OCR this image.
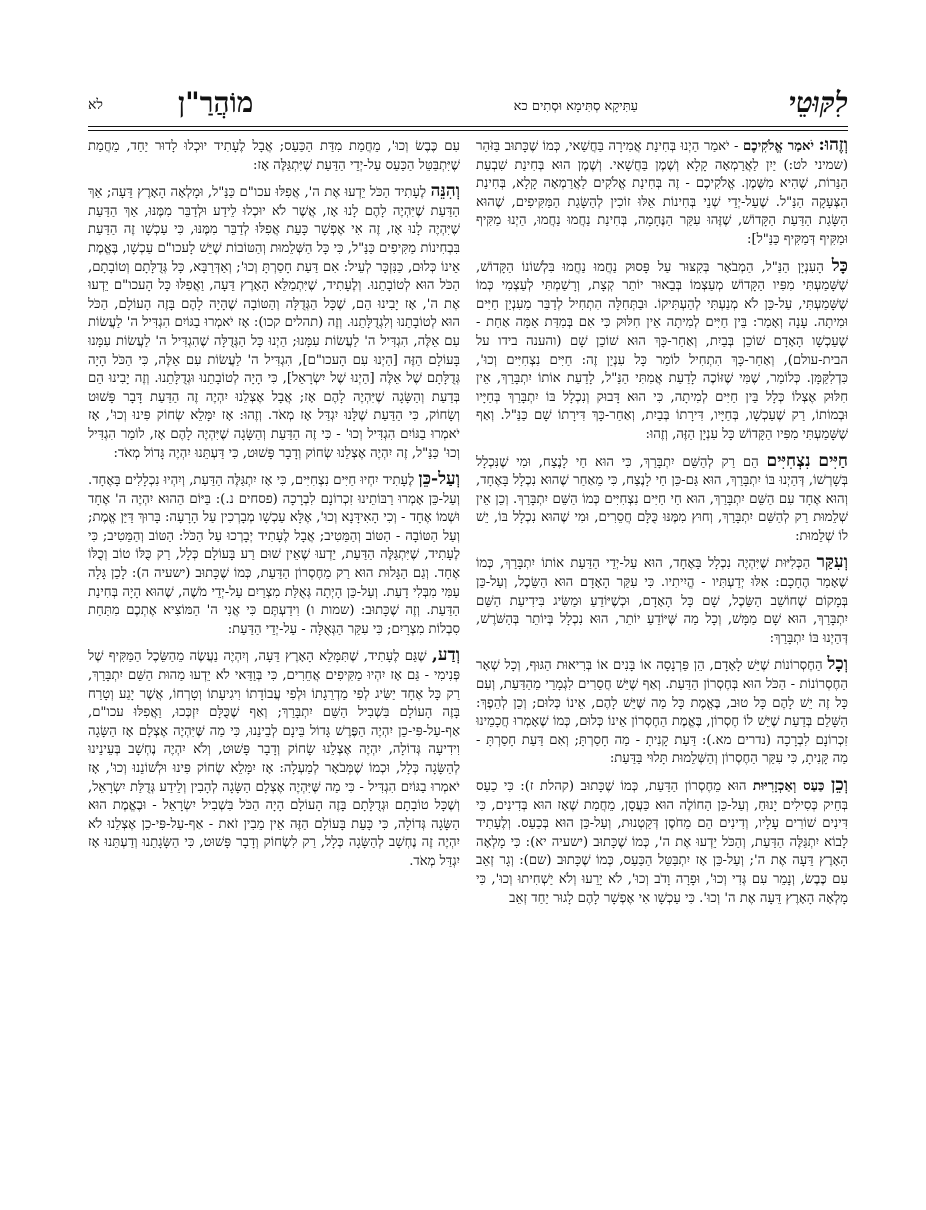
לִקּוּטֵי
עַתִּיקָא סְתִּימָא וּסְתִים כא
מוֹהֲרַ"ן
לא

וְזֶהוּ: יֹאמַר אֱלֹקִיכֶם - יֹאמַר הַיְנוּ בְּחִינַת אֲמִירָה בַּחֲשַׁאי, כְּמוֹ שֶׁכָּתוּב בַּזֹּהַר (שמיני לט:) יַיִן לַאֲרַמְאָה קָלָא וְשֶׁמֶן בַּחֲשָׁאי. וְשֶׁמֶן הוּא בְּחִינַת שִׁבְעַת הַנֵּרוֹת, שֶׁהִיא מִשֶּׁמֶן. אֱלֹקִיכֶם - זֶה בְּחִינַת אֱלֹקִים לַאֲרַמְאָה קָלָא, בְּחִינַת הַצְּעָקָה הַנַּ"ל. שֶׁעַל-יְדֵי שְׁנֵי בְּחִינוֹת אֵלּוּ זוֹכִין לְהַשָּׂגַת הַמַּקִּיפִים, שֶׁהוּא הַשָּׂגַת הַדַּעַת הַקָּדוֹשׁ, שֶׁזֶּהוּ עִקַּר הַנֶּחָמָה, בְּחִינַת נַחֲמוּ נַחֲמוּ, הַיְנוּ מַקִּיף וּמַקִּיף דְּמַקִּיף כַּנַּ"ל]:

כָּל הָעִנְיָן הַנַּ"ל, הַמְבֹאָר בְּקִצּוּר עַל פָּסוּק נַחֲמוּ נַחֲמוּ בִּלְשׁוֹנוֹ הַקָּדוֹשׁ, שֶׁשָּׁמַעְתִּי מִפִּיו הַקָּדוֹשׁ מְעַצְמוֹ בְּבֵאוּר יוֹתֵר קְצָת, וְרָשַׁמְתִּי לְעַצְמִי כְּמוֹ שֶׁשָּׁמַעְתִּי, עַל-כֵּן לֹא מְנַעְתִּי לְהַעְתִּיקוֹ. וּבַתְּחִלָּה הִתְחִיל לְדַבֵּר מֵעִנְיַן חַיִּים וּמִיתָה. עָנָה וְאָמַר: בֵּין חַיִּים לְמִיתָה אֵין חִלּוּק כִּי אִם בְּמִדַּת אַמָּה אַחַת - שֶׁעַכְשָׁו הָאָדָם שׁוֹכֵן בְּבַיִת, וְאַחַר-כָּךְ הוּא שׁוֹכֵן שָׁם (והענה בידו על הבית-עולם), וְאַחַר-כָּךְ הִתְחִיל לוֹמַר כָּל עִנְיַן זֶה: חַיִּים נִצְחִיִּים וְכוּ', כִּדְלִקַּמָּן. כְּלוֹמַר, שֶׁמִּי שֶׁזּוֹכֶה לָדַעַת אֲמִתִּי הַנַּ"ל, לָדַעַת אוֹתוֹ יִתְבָּרַךְ, אֵין חִלּוּק אֶצְלוֹ כְּלָל בֵּין חַיִּים לְמִיתָה, כִּי הוּא דָּבוּק וְנִכְלָל בּוֹ יִתְבָּרַךְ בְּחַיָּיו וּבְמוֹתוֹ, רַק שֶׁעַכְשָׁו, בְּחַיָּיו, דִּירָתוֹ בְּבַיִת, וְאַחַר-כָּךְ דִּירָתוֹ שָׁם כַּנַּ"ל. וְאַף שֶׁשָּׁמַעְתִּי מִפִּיו הַקָּדוֹשׁ כָּל עִנְיָן הַזֶּה, וְזֶהוּ:

חַיִּים נִצְחִיִּים הֵם רַק לְהַשֵּׁם יִתְבָּרַךְ, כִּי הוּא חַי לָנֶצַח, וּמִי שֶׁנִּכְלָל בְּשָׁרְשׁוֹ, דְּהַיְנוּ בּוֹ יִתְבָּרַךְ, הוּא גַּם-כֵּן חַי לָנֶצַח, כִּי מֵאַחַר שֶׁהוּא נִכְלָל בָּאֶחָד, וְהוּא אֶחָד עִם הַשֵּׁם יִתְבָּרַךְ, הוּא חַי חַיִּים נִצְחִיִּים כְּמוֹ הַשֵּׁם יִתְבָּרַךְ. וְכֵן אֵין שְׁלֵמוּת רַק לְהַשֵּׁם יִתְבָּרַךְ, וְחוּץ מִמֶּנּוּ כֻּלָּם חֲסֵרִים, וּמִי שֶׁהוּא נִכְלָל בּוֹ, יֵשׁ לוֹ שְׁלֵמוּת:

וְעִקַּר הַכְּלִיּוּת שֶׁיִּהְיֶה נִכְלָל בָּאֶחָד, הוּא עַל-יְדֵי הַדַּעַת אוֹתוֹ יִתְבָּרַךְ, כְּמוֹ שֶׁאָמַר הֶחָכָם: אִלּוּ יְדַעְתִּיו - הֱיִיתִיו. כִּי עִקַּר הָאָדָם הוּא הַשֵּׂכֶל, וְעַל-כֵּן בְּמָקוֹם שֶׁחוֹשֵׁב הַשֵּׂכֶל, שָׁם כָּל הָאָדָם, וּכְשֶׁיּוֹדֵעַ וּמַשִּׂיג בִּידִיעַת הַשֵּׁם יִתְבָּרַךְ, הוּא שָׁם מַמָּשׁ, וְכָל מַה שֶּׁיּוֹדֵעַ יוֹתֵר, הוּא נִכְלָל בְּיוֹתֵר בְּהַשֹּׁרֶשׁ, דְּהַיְנוּ בּוֹ יִתְבָּרַךְ:

וְכָל הַחֶסְרוֹנוֹת שֶׁיֵּשׁ לָאָדָם, הֵן פַּרְנָסָה אוֹ בָּנִים אוֹ בְּרִיאוּת הַגּוּף, וְכָל שְׁאָר הַחֶסְרוֹנוֹת - הַכֹּל הוּא בְּחֶסְרוֹן הַדַּעַת. וְאַף שֶׁיֵּשׁ חֲסֵרִים לִגְמָרֵי מֵהַדַּעַת, וְעִם כָּל זֶה יֵשׁ לָהֶם כָּל טוּב, בֶּאֱמֶת כָּל מַה שֶּׁיֵּשׁ לָהֶם, אֵינוֹ כְּלוּם; וְכֵן לְהֵפֶךְ: הַשָּׁלֵם בְּדַעַת שֶׁיֵּשׁ לוֹ חֶסְרוֹן, בֶּאֱמֶת הַחֶסְרוֹן אֵינוֹ כְּלוּם, כְּמוֹ שֶׁאָמְרוּ חֲכָמֵינוּ זִכְרוֹנָם לִבְרָכָה (נדרים מא.): דַּעַת קָנִיתָ - מַה חָסַרְתָּ; וְאִם דַּעַת חָסַרְתָּ - מַה קָּנִיתָ, כִּי עִקַּר הַחֶסְרוֹן וְהַשְּׁלֵמוּת תָּלוּי בַּדַּעַת:

וְכֵן כַּעַס וְאַכְזָרִיּוּת הוּא מֵחֶסְרוֹן הַדַּעַת, כְּמוֹ שֶׁכָּתוּב (קהלת ז): כִּי כַעַס בְּחֵיק כְּסִילִים יָנוּחַ, וְעַל-כֵּן הַחוֹלֶה הוּא כַּעֲסָן, מֵחֲמַת שֶׁאָז הוּא בְּדִינִים, כִּי דִּינִים שׁוֹרִים עָלָיו, וְדִינִים הֵם מֵחֹסֶן דְּקַטְנוּת, וְעַל-כֵּן הוּא בְּכַעַס. וְלֶעָתִיד לָבוֹא יִתְגַּלֶּה הַדַּעַת, וְהַכֹּל יֵדְעוּ אֶת ה', כְּמוֹ שֶׁכָּתוּב (ישעיה יא): כִּי מָלְאָה הָאָרֶץ דֵּעָה אֶת ה'; וְעַל-כֵּן אָז יִתְבַּטֵּל הַכַּעַס, כְּמוֹ שֶׁכָּתוּב (שם): וְגָר זְאֵב עִם כֶּבֶשׂ, וְנָמֵר עִם גְּדִי וְכוּ', וּפָרָה וָדֹב וְכוּ', לֹא יָרֵעוּ וְלֹא יַשְׁחִיתוּ וְכוּ', כִּי מָלְאָה הָאָרֶץ דֵּעָה אֶת ה' וְכוּ'. כִּי עַכְשָׁו אִי אֶפְשָׁר לָהֶם לָגוּר יַחַד זְאֵב

עִם כֶּבֶשׂ וְכוּ', מֵחֲמַת מִדַּת הַכַּעַס; אֲבָל לֶעָתִיד יוּכְלוּ לָדוּר יַחַד, מֵחֲמַת שֶׁיִּתְבַּטֵּל הַכַּעַס עַל-יְדֵי הַדַּעַת שֶׁיִּתְגַּלֶּה אָז:

וְהִנֵּה לֶעָתִיד הַכֹּל יֵדְעוּ אֶת ה', אֲפִלּוּ עכו"ם כַּנַּ"ל, וּמָלְאָה הָאָרֶץ דֵּעָה; אַךְ הַדַּעַת שֶׁיִּהְיֶה לָהֶם לָנוּ אָז, אֲשֶׁר לֹא יוּכְלוּ לֵידַע וּלְדַבֵּר מִמֶּנּוּ, אַךְ הַדַּעַת שֶׁיִּהְיֶה לָנוּ אָז, זֶה אִי אֶפְשָׁר כָּעֵת אֲפִלּוּ לְדַבֵּר מִמֶּנּוּ, כִּי עַכְשָׁו זֶה הַדַּעַת בִּבְחִינוֹת מַקִּיפִים כַּנַּ"ל, כִּי כָּל הַשְּׁלֵמוּת וְהַטּוֹבוֹת שֶׁיֵּשׁ לָעכו"ם עַכְשָׁו, בֶּאֱמֶת אֵינוֹ כְּלוּם, כַּנִּזְכָּר לְעֵיל: אִם דַּעַת חָסַרְתָּ וְכוּ'; וְאַדְּרַבָּא, כָּל גְּדֻלָּתָם וְטוֹבָתָם, הַכֹּל הוּא לְטוֹבָתֵנוּ. וְלֶעָתִיד, שֶׁיִּתְמַלֵּא הָאָרֶץ דֵּעָה, וַאֲפִלּוּ כָּל הָעכו"ם יֵדְעוּ אֶת ה', אָז יָבִינוּ הֵם, שֶׁכָּל הַגְּדֻלָּה וְהַטּוֹבָה שֶׁהָיָה לָהֶם בָּזֶה הָעוֹלָם, הַכֹּל הוּא לְטוֹבָתֵנוּ וְלִגְדֻלָּתֵנוּ. וְזֶה (תהלים קכו): אָז יֹאמְרוּ בַגּוֹיִם הִגְדִּיל ה' לַעֲשׂוֹת עִם אֵלֶּה, הִגְדִּיל ה' לַעֲשׂוֹת עִמָּנוּ; הַיְנוּ כָּל הַגְּדֻלָּה שֶׁהִגְדִּיל ה' לַעֲשׂוֹת עִמָּנוּ בָּעוֹלָם הַזֶּה [הַיְנוּ עִם הָעכו"ם], הִגְדִּיל ה' לַעֲשׂוֹת עִם אֵלֶּה, כִּי הַכֹּל הָיָה גְּדֻלָּתָם שֶׁל אֵלֶּה [הַיְנוּ שֶׁל יִשְׂרָאֵל], כִּי הָיָה לְטוֹבָתֵנוּ וּגְדֻלָּתֵנוּ. וְזֶה יָבִינוּ הֵם בְּדַעַת וְהַשָּׂגָה שֶׁיִּהְיֶה לָהֶם אָז; אֲבָל אֶצְלֵנוּ יִהְיֶה זֶה הַדַּעַת דָּבָר פָּשׁוּט וְשָׂחוֹק, כִּי הַדַּעַת שֶׁלָּנוּ יִגְדַּל אָז מְאֹד. וְזֶהוּ: אָז יִמָּלֵא שְׂחוֹק פִּינוּ וְכוּ', אָז יֹאמְרוּ בַגּוֹיִם הִגְדִּיל וְכוּ' - כִּי זֶה הַדַּעַת וְהַשָּׂגָה שֶׁיִּהְיֶה לָהֶם אָז, לוֹמַר הִגְדִּיל וְכוּ' כַּנַּ"ל, זֶה יִהְיֶה אֶצְלֵנוּ שְׂחוֹק וְדָבָר פָּשׁוּט, כִּי דַּעְתֵּנוּ יִהְיֶה גָּדוֹל מְאֹד:

וְעַל-כֵּן לֶעָתִיד יִחְיוּ חַיִּים נִצְחִיִּים, כִּי אָז יִתְגַּלֶּה הַדַּעַת, וְיִהְיוּ נִכְלָלִים בָּאֶחָד. וְעַל-כֵּן אָמְרוּ רַבּוֹתֵינוּ זִכְרוֹנָם לִבְרָכָה (פסחים נ.): בַּיּוֹם הַהוּא יִהְיֶה ה' אֶחָד וּשְׁמוֹ אֶחָד - וְכִי הָאִידָּנָא וְכוּ', אֶלָּא עַכְשָׁו מְבָרְכִין עַל הָרָעָה: בָּרוּךְ דַּיַּן אֱמֶת; וְעַל הַטּוֹבָה - הַטּוֹב וְהַמֵּטִיב; אֲבָל לֶעָתִיד יְבָרְכוּ עַל הַכֹּל: הַטּוֹב וְהַמֵּטִיב; כִּי לֶעָתִיד, שֶׁיִּתְגַּלֶּה הַדַּעַת, יֵדְעוּ שֶׁאֵין שׁוּם רַע בָּעוֹלָם כְּלָל, רַק כֻּלּוֹ טוֹב וְכֻלּוֹ אֶחָד. וְגַם הַגָּלוּת הוּא רַק מֵחֶסְרוֹן הַדַּעַת, כְּמוֹ שֶׁכָּתוּב (ישעיה ה): לָכֵן גָּלָה עַמִּי מִבְּלִי דָעַת. וְעַל-כֵּן הָיְתָה גְּאֻלַּת מִצְרַיִם עַל-יְדֵי מֹשֶׁה, שֶׁהוּא הָיָה בְּחִינַת הַדַּעַת. וְזֶה שֶׁכָּתוּב: (שמות ו) וִידַעְתֶּם כִּי אֲנִי ה' הַמּוֹצִיא אֶתְכֶם מִתַּחַת סִבְלוֹת מִצְרָיִם; כִּי עִקַּר הַגְּאֻלָּה - עַל-יְדֵי הַדַּעַת:

וְדַע, שֶׁגַּם לֶעָתִיד, שֶׁתִּמָּלֵא הָאָרֶץ דֵּעָה, וְיִהְיֶה נַעֲשֶׂה מֵהַשֵּׂכֶל הַמַּקִּיף שֶׁל פְּנִימִי - גַּם אָז יִהְיוּ מַקִּיפִים אֲחֵרִים, כִּי בְּוַדַּאי לֹא יֵדְעוּ מַהוּת הַשֵּׁם יִתְבָּרַךְ, רַק כָּל אֶחָד יַשִּׂיג לְפִי מַדְרֵגָתוֹ וּלְפִי עֲבוֹדָתוֹ וִיגִיעָתוֹ וְטָרְחוֹ, אֲשֶׁר יָגַע וְטָרַח בָּזֶה הָעוֹלָם בִּשְׁבִיל הַשֵּׁם יִתְבָּרַךְ; וְאַף שֶׁכֻּלָּם יִזְכְּכוּ, וַאֲפִלּוּ עכו"ם, אַף-עַל-פִּי-כֵן יִהְיֶה הַפֶּרֶשׁ גָּדוֹל בֵּינָם לְבֵינֵנוּ, כִּי מַה שֶּׁיִּהְיֶה אֶצְלָם אָז הַשָּׂגָה וִידִיעָה גְּדוֹלָה, יִהְיֶה אֶצְלֵנוּ שָׂחוֹק וְדָבָר פָּשׁוּט, וְלֹא יִהְיֶה נֶחְשָׁב בְּעֵינֵינוּ לְהַשָּׂגָה כְּלָל, וּכְמוֹ שֶׁמְּבֹאָר לְמַעְלָה: אָז יִמָּלֵא שְׂחוֹק פִּינוּ וּלְשׁוֹנֵנוּ וְכוּ', אָז יֹאמְרוּ בַגּוֹיִם הִגְדִּיל - כִּי מַה שֶּׁיִּהְיֶה אֶצְלָם הַשָּׂגָה לְהָבִין וְלֵידַע גְּדֻלַּת יִשְׂרָאֵל, וְשֶׁכָּל טוֹבָתָם וּגְדֻלָּתָם בָּזֶה הָעוֹלָם הָיָה הַכֹּל בִּשְׁבִיל יִשְׂרָאֵל - וּבֶאֱמֶת הוּא הַשָּׂגָה גְּדוֹלָה, כִּי כָּעֵת בָּעוֹלָם הַזֶּה אֵין מֵבִין זֹאת - אַף-עַל-פִּי-כֵן אֶצְלֵנוּ לֹא יִהְיֶה זֶה נֶחְשָׁב לְהַשָּׂגָה כְּלָל, רַק לִשְׂחוֹק וְדָבָר פָּשׁוּט, כִּי הַשָּׂגָתֵנוּ וְדַעְתֵּנוּ אָז יִגְדַּל מְאֹד.
